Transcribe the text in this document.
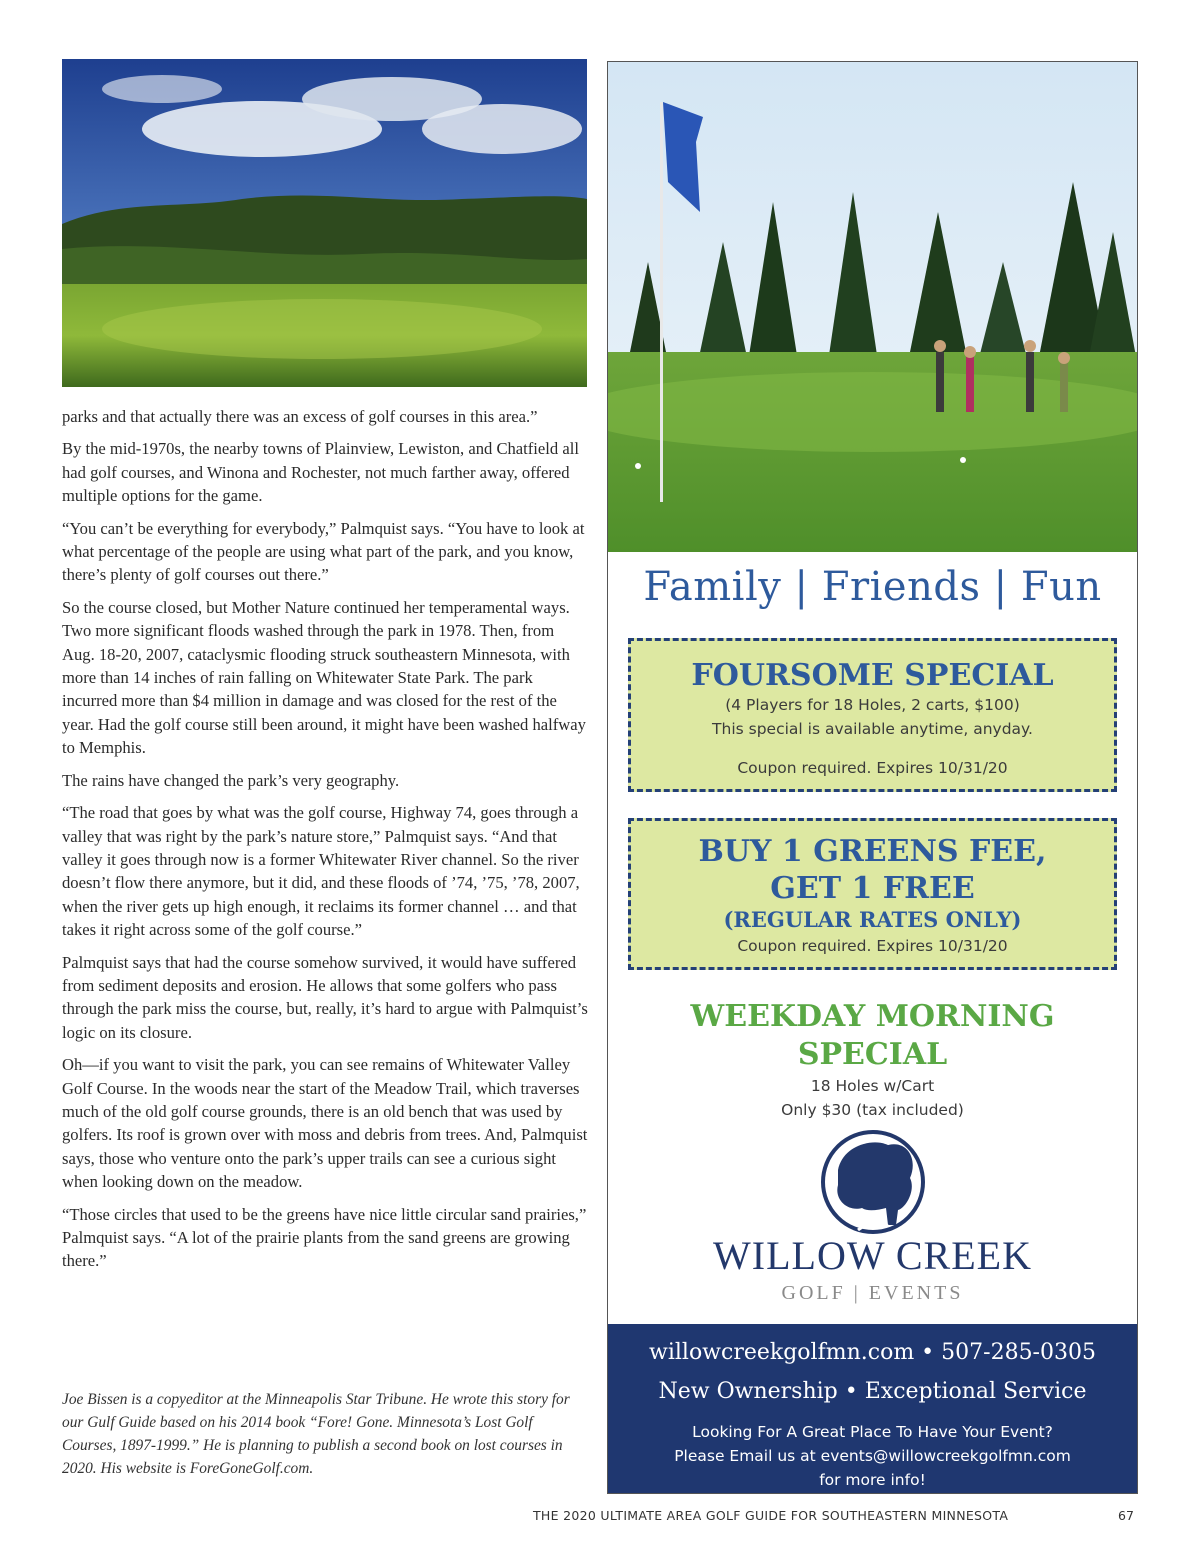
parks and that actually there was an excess of golf courses in this area.”

By the mid-1970s, the nearby towns of Plainview, Lewiston, and Chatfield all had golf courses, and Winona and Rochester, not much farther away, offered multiple options for the game.

“You can’t be everything for everybody,” Palmquist says. “You have to look at what percentage of the people are using what part of the park, and you know, there’s plenty of golf courses out there.”

So the course closed, but Mother Nature continued her temperamental ways. Two more significant floods washed through the park in 1978. Then, from Aug. 18-20, 2007, cataclysmic flooding struck southeastern Minnesota, with more than 14 inches of rain falling on Whitewater State Park. The park incurred more than $4 million in damage and was closed for the rest of the year. Had the golf course still been around, it might have been washed halfway to Memphis.

The rains have changed the park’s very geography.

“The road that goes by what was the golf course, Highway 74, goes through a valley that was right by the park’s nature store,” Palmquist says. “And that valley it goes through now is a former Whitewater River channel. So the river doesn’t flow there anymore, but it did, and these floods of ’74, ’75, ’78, 2007, when the river gets up high enough, it reclaims its former channel … and that takes it right across some of the golf course.”

Palmquist says that had the course somehow survived, it would have suffered from sediment deposits and erosion. He allows that some golfers who pass through the park miss the course, but, really, it’s hard to argue with Palmquist’s logic on its closure.

Oh—if you want to visit the park, you can see remains of Whitewater Valley Golf Course. In the woods near the start of the Meadow Trail, which traverses much of the old golf course grounds, there is an old bench that was used by golfers. Its roof is grown over with moss and debris from trees. And, Palmquist says, those who venture onto the park’s upper trails can see a curious sight when looking down on the meadow.

“Those circles that used to be the greens have nice little circular sand prairies,” Palmquist says. “A lot of the prairie plants from the sand greens are growing there.”

Joe Bissen is a copyeditor at the Minneapolis Star Tribune. He wrote this story for our Gulf Guide based on his 2014 book “Fore! Gone. Minnesota’s Lost Golf Courses, 1897-1999.” He is planning to publish a second book on lost courses in 2020. His website is ForeGoneGolf.com.
Family | Friends | Fun
FOURSOME SPECIAL
(4 Players for 18 Holes, 2 carts, $100)
This special is available anytime, anyday.
Coupon required. Expires 10/31/20
BUY 1 GREENS FEE,
GET 1 FREE
(REGULAR RATES ONLY)
Coupon required. Expires 10/31/20
WEEKDAY MORNING
SPECIAL
18 Holes w/Cart
Only $30 (tax included)
WILLOW CREEK
GOLF | EVENTS
willowcreekgolfmn.com • 507-285-0305
New Ownership • Exceptional Service
Looking For A Great Place To Have Your Event?
Please Email us at events@willowcreekgolfmn.com
for more info!
THE 2020 ULTIMATE AREA GOLF GUIDE FOR SOUTHEASTERN MINNESOTA	67
